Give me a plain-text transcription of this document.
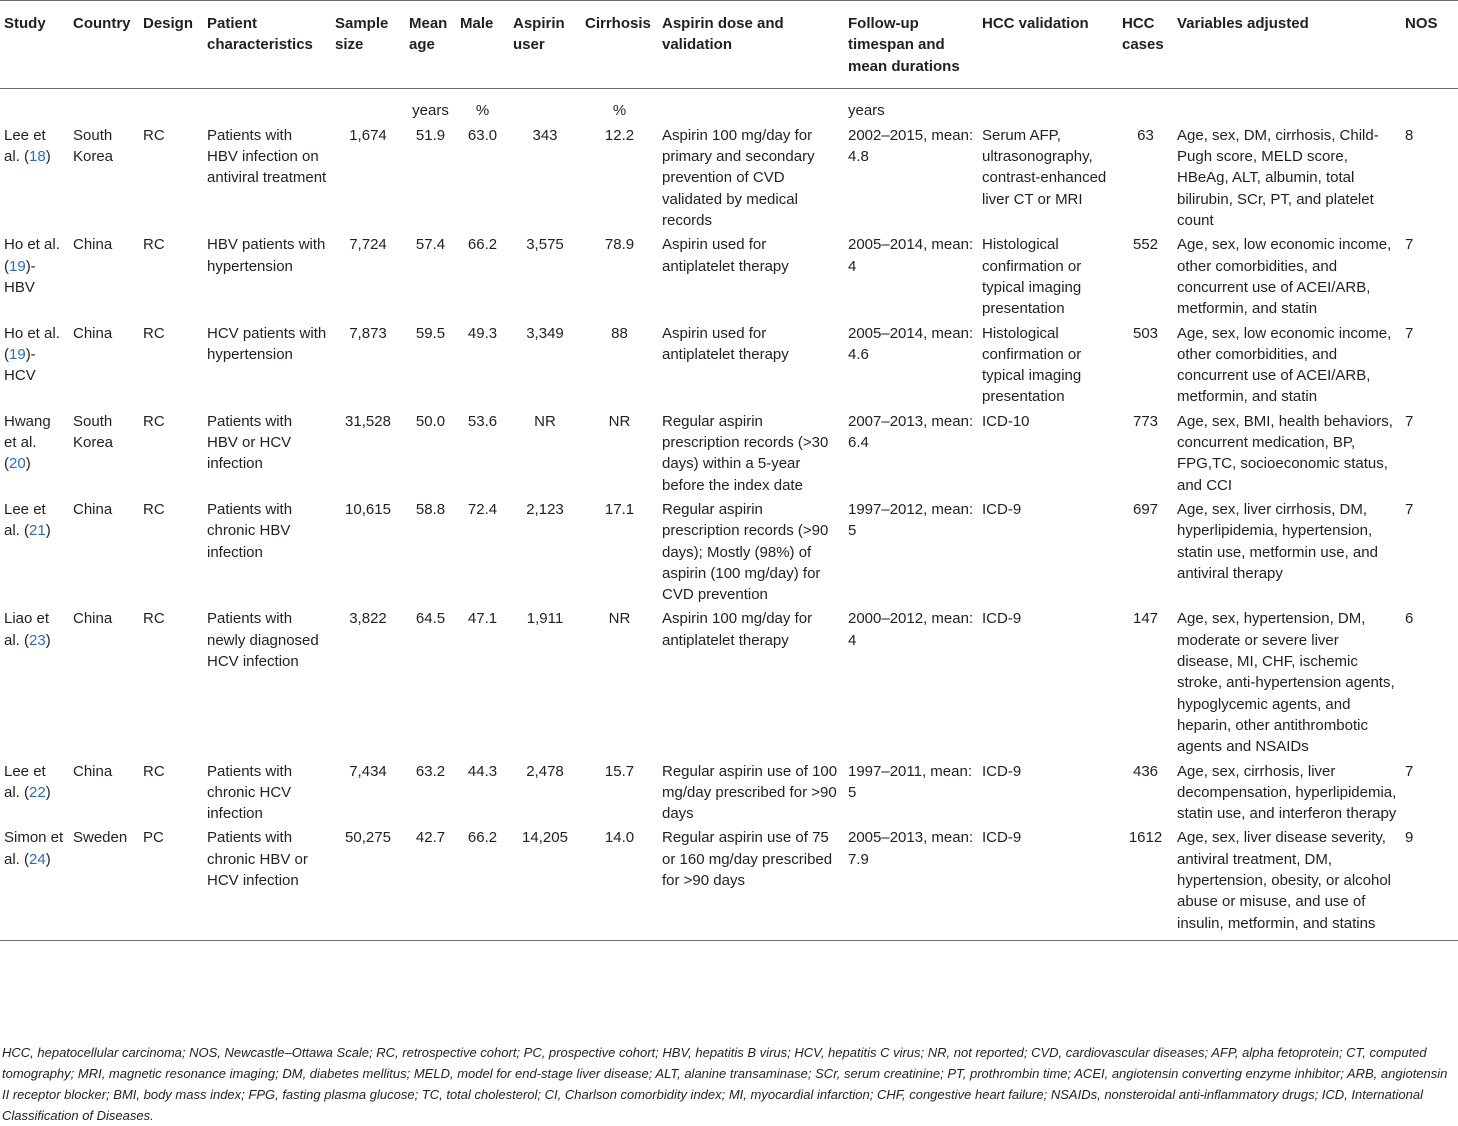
Study	Country	Design	Patient characteristics	Sample size	Mean age	Male	Aspirin user	Cirrhosis	Aspirin dose and validation	Follow-up timespan and mean durations	HCC validation	HCC cases	Variables adjusted	NOS
					years	%		%		years				
Lee et al. (18)	South Korea	RC	Patients with HBV infection on antiviral treatment	1,674	51.9	63.0	343	12.2	Aspirin 100 mg/day for primary and secondary prevention of CVD validated by medical records	2002–2015, mean: 4.8	Serum AFP, ultrasonography, contrast-enhanced liver CT or MRI	63	Age, sex, DM, cirrhosis, Child-Pugh score, MELD score, HBeAg, ALT, albumin, total bilirubin, SCr, PT, and platelet count	8
Ho et al. (19)-HBV	China	RC	HBV patients with hypertension	7,724	57.4	66.2	3,575	78.9	Aspirin used for antiplatelet therapy	2005–2014, mean: 4	Histological confirmation or typical imaging presentation	552	Age, sex, low economic income, other comorbidities, and concurrent use of ACEI/ARB, metformin, and statin	7
Ho et al. (19)-HCV	China	RC	HCV patients with hypertension	7,873	59.5	49.3	3,349	88	Aspirin used for antiplatelet therapy	2005–2014, mean: 4.6	Histological confirmation or typical imaging presentation	503	Age, sex, low economic income, other comorbidities, and concurrent use of ACEI/ARB, metformin, and statin	7
Hwang et al. (20)	South Korea	RC	Patients with HBV or HCV infection	31,528	50.0	53.6	NR	NR	Regular aspirin prescription records (>30 days) within a 5-year before the index date	2007–2013, mean: 6.4	ICD-10	773	Age, sex, BMI, health behaviors, concurrent medication, BP, FPG,TC, socioeconomic status, and CCI	7
Lee et al. (21)	China	RC	Patients with chronic HBV infection	10,615	58.8	72.4	2,123	17.1	Regular aspirin prescription records (>90 days); Mostly (98%) of aspirin (100 mg/day) for CVD prevention	1997–2012, mean: 5	ICD-9	697	Age, sex, liver cirrhosis, DM, hyperlipidemia, hypertension, statin use, metformin use, and antiviral therapy	7
Liao et al. (23)	China	RC	Patients with newly diagnosed HCV infection	3,822	64.5	47.1	1,911	NR	Aspirin 100 mg/day for antiplatelet therapy	2000–2012, mean: 4	ICD-9	147	Age, sex, hypertension, DM, moderate or severe liver disease, MI, CHF, ischemic stroke, anti-hypertension agents, hypoglycemic agents, and heparin, other antithrombotic agents and NSAIDs	6
Lee et al. (22)	China	RC	Patients with chronic HCV infection	7,434	63.2	44.3	2,478	15.7	Regular aspirin use of 100 mg/day prescribed for >90 days	1997–2011, mean: 5	ICD-9	436	Age, sex, cirrhosis, liver decompensation, hyperlipidemia, statin use, and interferon therapy	7
Simon et al. (24)	Sweden	PC	Patients with chronic HBV or HCV infection	50,275	42.7	66.2	14,205	14.0	Regular aspirin use of 75 or 160 mg/day prescribed for >90 days	2005–2013, mean: 7.9	ICD-9	1612	Age, sex, liver disease severity, antiviral treatment, DM, hypertension, obesity, or alcohol abuse or misuse, and use of insulin, metformin, and statins	9
HCC, hepatocellular carcinoma; NOS, Newcastle–Ottawa Scale; RC, retrospective cohort; PC, prospective cohort; HBV, hepatitis B virus; HCV, hepatitis C virus; NR, not reported; CVD, cardiovascular diseases; AFP, alpha fetoprotein; CT, computed tomography; MRI, magnetic resonance imaging; DM, diabetes mellitus; MELD, model for end-stage liver disease; ALT, alanine transaminase; SCr, serum creatinine; PT, prothrombin time; ACEI, angiotensin converting enzyme inhibitor; ARB, angiotensin II receptor blocker; BMI, body mass index; FPG, fasting plasma glucose; TC, total cholesterol; CI, Charlson comorbidity index; MI, myocardial infarction; CHF, congestive heart failure; NSAIDs, nonsteroidal anti-inflammatory drugs; ICD, International Classification of Diseases.
